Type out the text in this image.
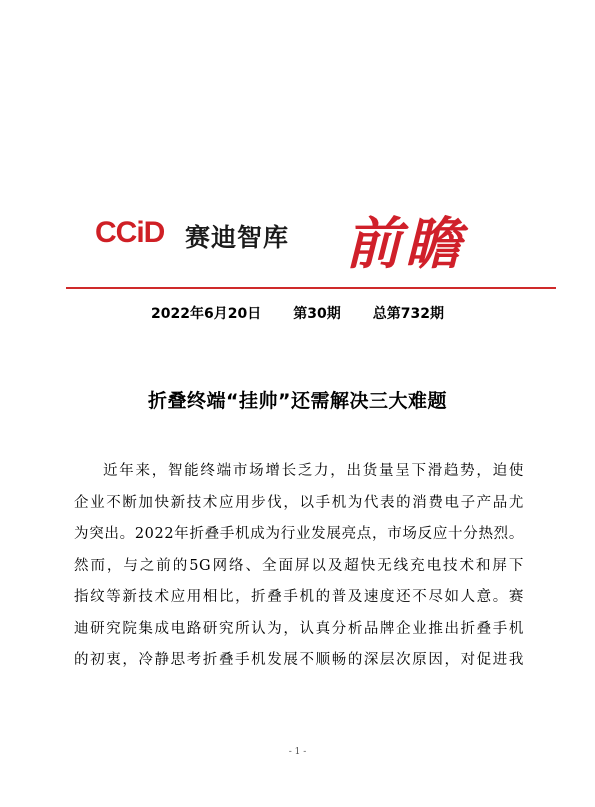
CCiD 赛迪智库 前瞻
2022年6月20日 第30期 总第732期
折叠终端“挂帅”还需解决三大难题
近年来，智能终端市场增长乏力，出货量呈下滑趋势，迫使
企业不断加快新技术应用步伐，以手机为代表的消费电子产品尤
为突出。2022年折叠手机成为行业发展亮点，市场反应十分热烈。
然而，与之前的5G网络、全面屏以及超快无线充电技术和屏下
指纹等新技术应用相比，折叠手机的普及速度还不尽如人意。赛
迪研究院集成电路研究所认为，认真分析品牌企业推出折叠手机
的初衷，冷静思考折叠手机发展不顺畅的深层次原因，对促进我
- 1 -
